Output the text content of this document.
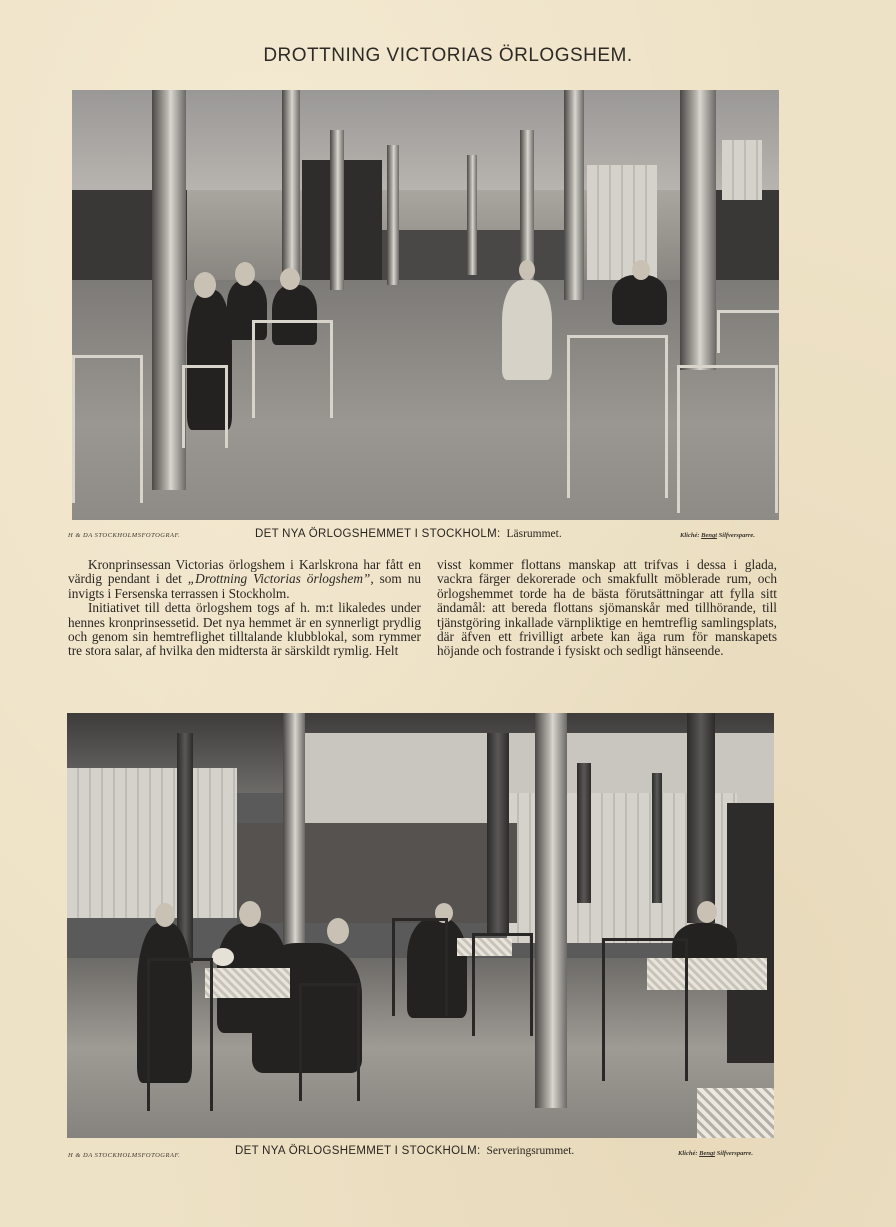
DROTTNING VICTORIAS ÖRLOGSHEM.
H & DA STOCKHOLMSFOTOGRAF.	DET NYA ÖRLOGSHEMMET I STOCKHOLM: Läsrummet.	Kliché: Bengt Silfversparre.

Kronprinsessan Victorias örlogshem i Karlskrona har fått en värdig pendant i det „Drottning Victorias örlogshem”, som nu invigts i Fersenska terrassen i Stockholm.

Initiativet till detta örlogshem togs af h. m:t likaledes under hennes kronprinsessetid. Det nya hemmet är en synnerligt prydlig och genom sin hemtreflighet tilltalande klubblokal, som rymmer tre stora salar, af hvilka den midtersta är särskildt rymlig. Helt

visst kommer flottans manskap att trifvas i dessa i glada, vackra färger dekorerade och smakfullt möblerade rum, och örlogshemmet torde ha de bästa förutsättningar att fylla sitt ändamål: att bereda flottans sjömanskår med tillhörande, till tjänstgöring inkallade värnpliktige en hemtreflig samlingsplats, där äfven ett frivilligt arbete kan äga rum för manskapets höjande och fostrande i fysiskt och sedligt hänseende.

H & DA STOCKHOLMSFOTOGRAF.	DET NYA ÖRLOGSHEMMET I STOCKHOLM: Serveringsrummet.	Kliché: Bengt Silfversparre.
